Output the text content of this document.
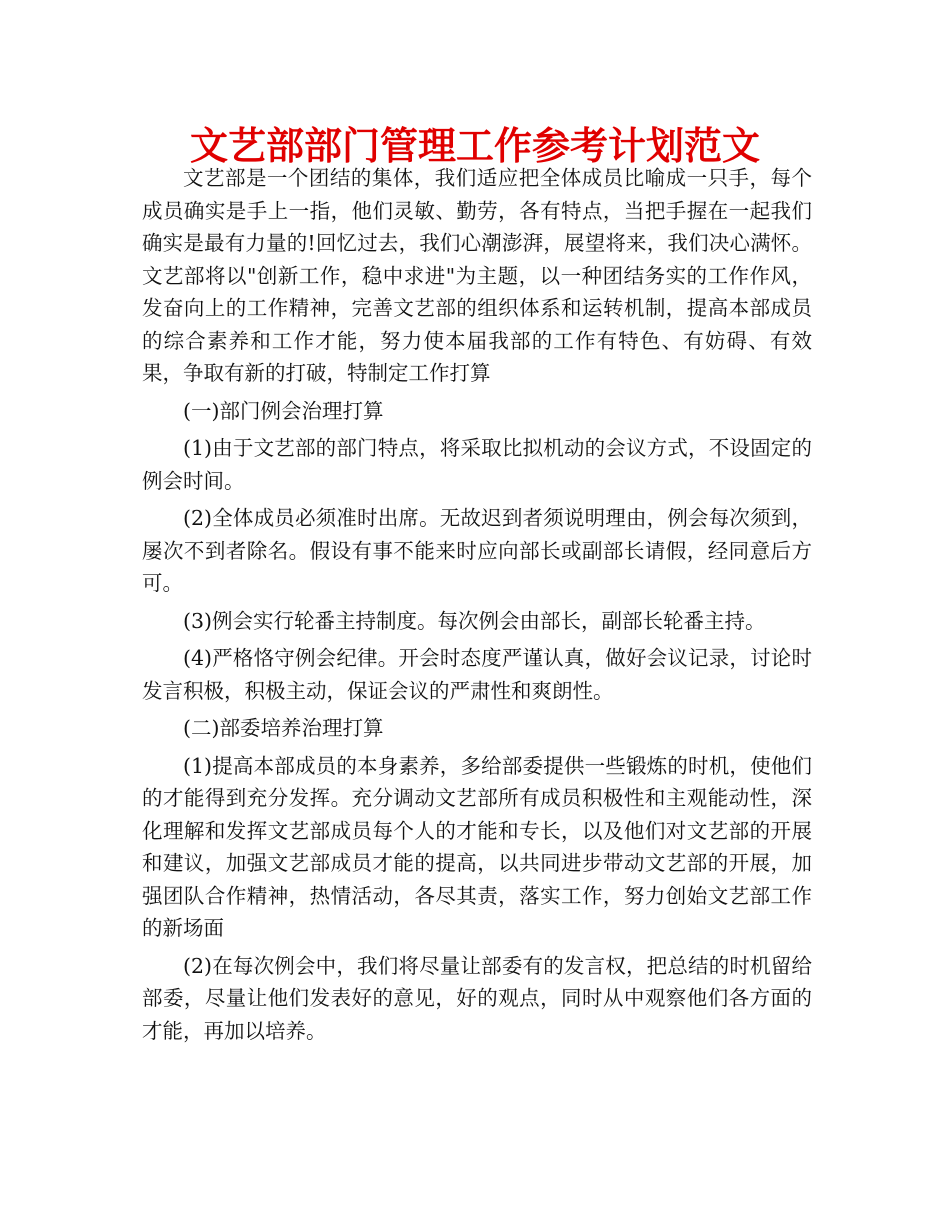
文艺部部门管理工作参考计划范文

文艺部是一个团结的集体，我们适应把全体成员比喻成一只手，每个成员确实是手上一指，他们灵敏、勤劳，各有特点，当把手握在一起我们确实是最有力量的!回忆过去，我们心潮澎湃，展望将来，我们决心满怀。文艺部将以"创新工作，稳中求进"为主题，以一种团结务实的工作作风，发奋向上的工作精神，完善文艺部的组织体系和运转机制，提高本部成员的综合素养和工作才能，努力使本届我部的工作有特色、有妨碍、有效果，争取有新的打破，特制定工作打算

(一)部门例会治理打算

(1)由于文艺部的部门特点，将采取比拟机动的会议方式，不设固定的例会时间。

(2)全体成员必须准时出席。无故迟到者须说明理由，例会每次须到，屡次不到者除名。假设有事不能来时应向部长或副部长请假，经同意后方可。

(3)例会实行轮番主持制度。每次例会由部长，副部长轮番主持。

(4)严格恪守例会纪律。开会时态度严谨认真，做好会议记录，讨论时发言积极，积极主动，保证会议的严肃性和爽朗性。

(二)部委培养治理打算

(1)提高本部成员的本身素养，多给部委提供一些锻炼的时机，使他们的才能得到充分发挥。充分调动文艺部所有成员积极性和主观能动性，深化理解和发挥文艺部成员每个人的才能和专长，以及他们对文艺部的开展和建议，加强文艺部成员才能的提高，以共同进步带动文艺部的开展，加强团队合作精神，热情活动，各尽其责，落实工作，努力创始文艺部工作的新场面

(2)在每次例会中，我们将尽量让部委有的发言权，把总结的时机留给部委，尽量让他们发表好的意见，好的观点，同时从中观察他们各方面的才能，再加以培养。
